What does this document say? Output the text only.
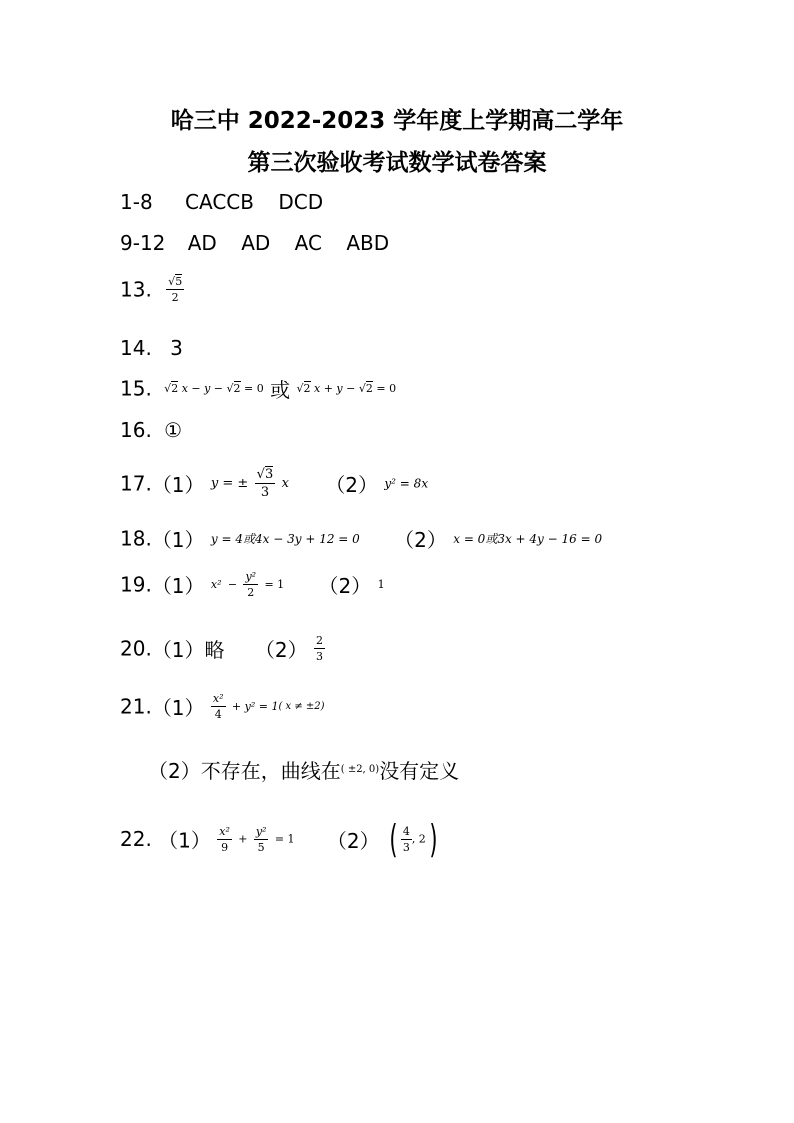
哈三中 2022-2023 学年度上学期高二学年
第三次验收考试数学试卷答案
1-8 CACCB DCD
9-12 AD AD AC ABD
13. $\frac{√5}{2}$
14. 3
15. √2 x − y − √2 = 0 或 √2 x + y − √2 = 0
16. ①
17.（1） y = ± $\frac{√3}{3}$ x （2） y² = 8x
18.（1） y = 4或4x − 3y + 12 = 0 （2） x = 0或3x + 4y − 16 = 0
19.（1） $x^2 - \frac{\text{y²}}{2} = 1$ （2） 1
20.（1）略 $(2) \frac{2}{3}$
$21.(1) \frac{\text{x²}}{4} + y^2 = 1$( x ≠ ±2)
（2）不存在，曲线在( ±2, 0)没有定义
22. $(1) \frac{\text{x²}}{9} + \frac{\text{y²}}{5} = 1$ （2） ( $\frac{4}{3}$ , 2)
